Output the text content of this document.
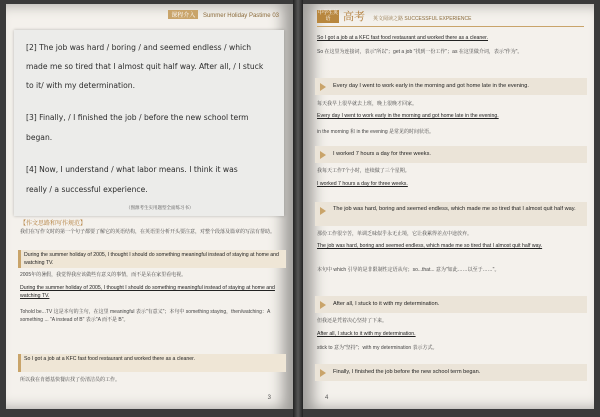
课程介入 Summer Holiday Pastime 03
[2] The job was hard / boring / and seemed endless / which
made me so tired that I almost quit half way. After all, / I stuck
to it/ with my determination.
[3] Finally, / I finished the job / before the new school term
began.
[4] Now, I understand / what labor means. I think it was
really / a successful experience.
（图源考生实用题型全面练习书）
【作文思路和写作规范】
我们在写作文时的第一个句子都要了解它的英语结构，在英语里分析开头要注意，对整个段落及篇章的写法有帮助。
During the summer holiday of 2005, I thought I should do something meaningful instead of staying at home and watching TV.
2005年的暑假，我觉得我应该做些有意义的事情，而不是呆在家里看电视。
During the summer holiday of 2005, I thought I should do something meaningful instead of staying at home and watching TV.
Tohold be...TV 这是本句的主句，在这里 meaningful 表示"有意义"；本句中 something staying，then/watching：A something ... "A instead of B" 表示"A 而不是 B"。
So I got a job at a KFC fast food restaurant and worked there as a cleaner.
所以我在肯德基快餐店找了份清洁员的工作。
3
中学生英语	高考 英文阅读之路 SUCCESSFUL EXPERIENCE
So I got a job at a KFC fast food restaurant and worked there as a cleaner.
So 在这里为连接词，表示"所以"；get a job "找到一份工作"；as 在这里做介词，表示"作为"。
Every day I went to work early in the morning and got home late in the evening.
每天我早上很早就去上班，晚上很晚才回家。
Every day I went to work early in the morning and got home late in the evening.
in the morning 和 in the evening 是常见的时间状语。
I worked 7 hours a day for three weeks.
我每天工作7个小时，连续做了三个星期。
I worked 7 hours a day for three weeks.
The job was hard, boring and seemed endless, which made me so tired that I almost quit half way.
那份工作很辛苦，单调乏味似乎永无止境，它让我累得差点中途放弃。
The job was hard, boring and seemed endless, which made me so tired that I almost quit half way.
本句中 which 引导的是非限制性定语从句；so...that... 意为"如此……以至于……"。
After all, I stuck to it with my determination.
但我还是凭着决心坚持了下来。
After all, I stuck to it with my determination.
stick to 意为"坚持"；with my determination 表示方式。
Finally, I finished the job before the new school term began.
4
